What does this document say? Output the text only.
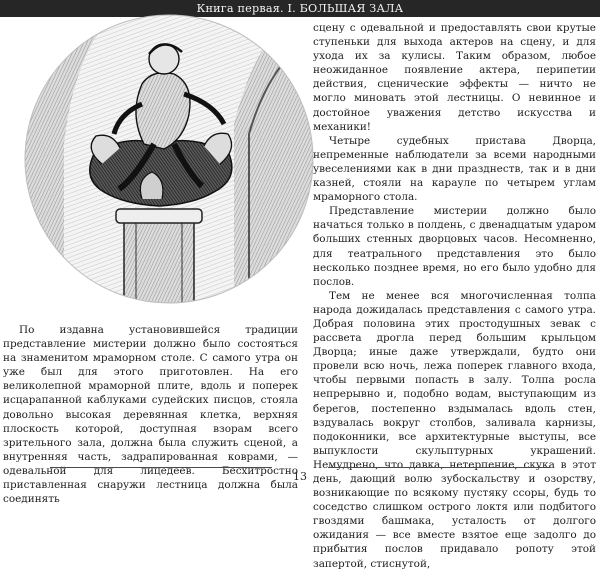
Книга первая. I. БОЛЬШАЯ ЗАЛА

По издавна установившейся традиции представление мистерии должно было состояться на знаменитом мраморном столе. С самого утра он уже был для этого приготовлен. На его великолепной мраморной плите, вдоль и поперек исцарапанной каблуками судейских писцов, стояла довольно высокая деревянная клетка, верхняя плоскость которой, доступная взорам всего зрительного зала, должна была служить сценой, а внутренняя часть, задрапированная коврами, — одевальной для лицедеев. Бесхитростно приставленная снаружи лестница должна была соединять

сцену с одевальной и предоставлять свои крутые ступеньки для выхода актеров на сцену, и для ухода их за кулисы. Таким образом, любое неожиданное появление актера, перипетии действия, сценические эффекты — ничто не могло миновать этой лестницы. О невинное и достойное уважения детство искусства и механики!

Четыре судебных пристава Дворца, непременные наблюдатели за всеми народными увеселениями как в дни празднеств, так и в дни казней, стояли на карауле по четырем углам мраморного стола.

Представление мистерии должно было начаться только в полдень, с двенадцатым ударом больших стенных дворцовых часов. Несомненно, для театрального представления это было несколько позднее время, но его было удобно для послов.

Тем не менее вся многочисленная толпа народа дожидалась представления с самого утра. Добрая половина этих простодушных зевак с рассвета дрогла перед большим крыльцом Дворца; иные даже утверждали, будто они провели всю ночь, лежа поперек главного входа, чтобы первыми попасть в залу. Толпа росла непрерывно и, подобно водам, выступающим из берегов, постепенно вздымалась вдоль стен, вздувалась вокруг столбов, заливала карнизы, подоконники, все архитектурные выступы, все выпуклости скульптурных украшений. Немудрено, что давка, нетерпение, скука в этот день, дающий волю зубоскальству и озорству, возникающие по всякому пустяку ссоры, будь то соседство слишком острого локтя или подбитого гвоздями башмака, усталость от долгого ожидания — все вместе взятое еще задолго до прибытия послов придавало ропоту этой запертой, стиснутой,

13
